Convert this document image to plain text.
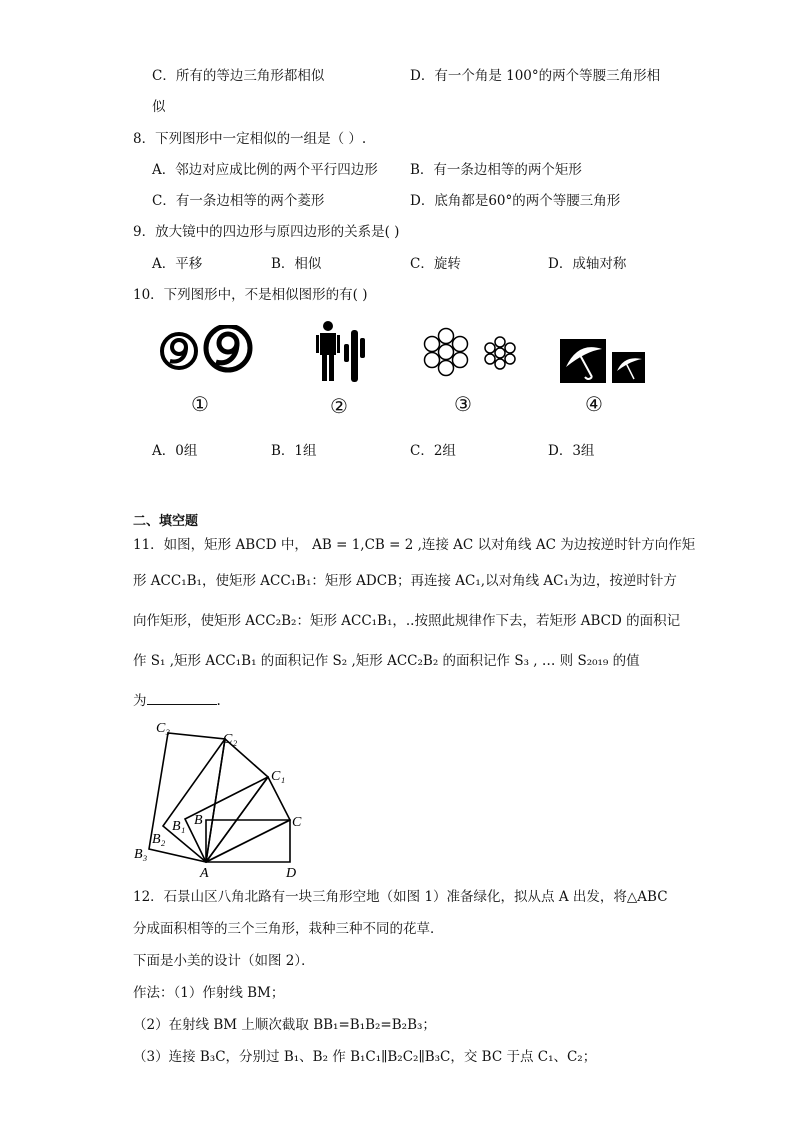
C．所有的等边三角形都相似	D．有一个角是 100°的两个等腰三角形相
似
8．下列图形中一定相似的一组是（ ）.
A．邻边对应成比例的两个平行四边形 B．有一条边相等的两个矩形
C．有一条边相等的两个菱形	D．底角都是60°的两个等腰三角形
9．放大镜中的四边形与原四边形的关系是( )
A．平移	B．相似	C．旋转	D．成轴对称
10．下列图形中，不是相似图形的有( )
①	②	③	④
A．0组	B．1组	C．2组	D．3组
二、填空题
11．如图，矩形 ABCD 中， AB = 1,CB = 2 ,连接 AC 以对角线 AC 为边按逆时针方向作矩
形 ACC₁B₁，使矩形 ACC₁B₁：矩形 ADCB；再连接 AC₁,以对角线 AC₁为边，按逆时针方
向作矩形，使矩形 ACC₂B₂：矩形 ACC₁B₁，..按照此规律作下去，若矩形 ABCD 的面积记
作 S₁ ,矩形 ACC₁B₁ 的面积记作 S₂ ,矩形 ACC₂B₂ 的面积记作 S₃ , … 则 S₂₀₁₉ 的值
为	.
C₃
C₂
C₁
C
B
B₁
B₂
B₃
A	D
12．石景山区八角北路有一块三角形空地（如图 1）准备绿化，拟从点 A 出发，将△ABC
分成面积相等的三个三角形，栽种三种不同的花草．
下面是小美的设计（如图 2）．
作法：（1）作射线 BM；
（2）在射线 BM 上顺次截取 BB₁=B₁B₂=B₂B₃；
（3）连接 B₃C，分别过 B₁、B₂ 作 B₁C₁∥B₂C₂∥B₃C，交 BC 于点 C₁、C₂；
